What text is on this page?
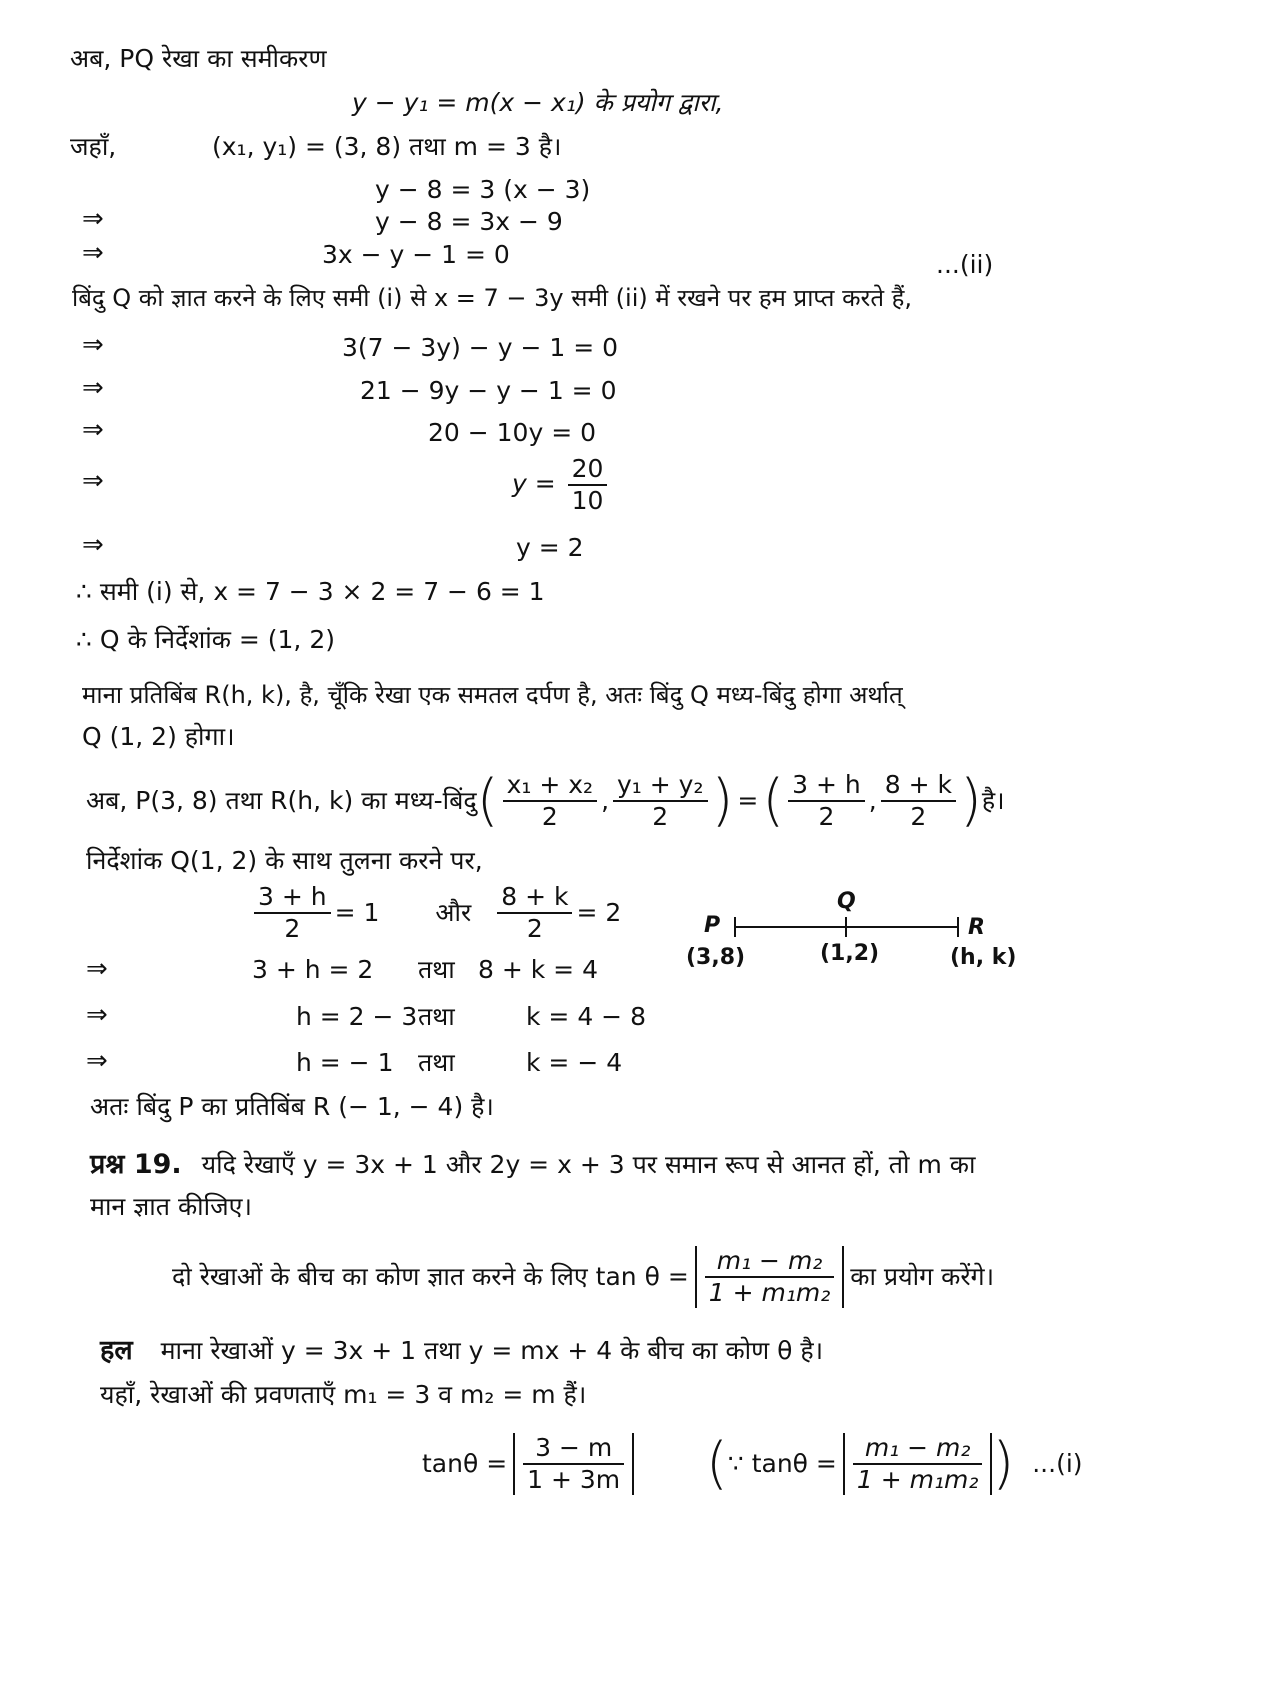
अब, PQ रेखा का समीकरण
y − y₁ = m(x − x₁) के प्रयोग द्वारा,
जहाँ,	(x₁, y₁) = (3, 8) तथा m = 3 है।
y − 8 = 3 (x − 3)
⇒	y − 8 = 3x − 9
⇒	3x − y − 1 = 0	...(ii)
बिंदु Q को ज्ञात करने के लिए समी (i) से x = 7 − 3y समी (ii) में रखने पर हम प्राप्त करते हैं,
⇒	3(7 − 3y) − y − 1 = 0
⇒	21 − 9y − y − 1 = 0
⇒	20 − 10y = 0
⇒	$y = \frac{20}{10}$
⇒	y = 2
∴ समी (i) से, x = 7 − 3 × 2 = 7 − 6 = 1
∴ Q के निर्देशांक = (1, 2)
माना प्रतिबिंब R(h, k), है, चूँकि रेखा एक समतल दर्पण है, अतः बिंदु Q मध्य-बिंदु होगा अर्थात्
Q (1, 2) होगा।
अब, P(3, 8) तथा R(h, k) का मध्य-बिंदु ( $\frac{\text{x₁ + x₂}}{2}$ , $\frac{\text{y₁ + y₂}}{2}$ ) = ( $\frac{3 + h}{2}$ , $\frac{8 + k}{2}$ ) है।
निर्देशांक Q(1, 2) के साथ तुलना करने पर,
$\frac{3 + h}{2} = 1$ और $\frac{8 + k}{2} = 2$
⇒	3 + h = 2 तथा 8 + k = 4
⇒	h = 2 − 3 तथा	k = 4 − 8
⇒	h = − 1 तथा	k = − 4
अतः बिंदु P का प्रतिबिंब R (− 1, − 4) है।
P
Q
R
(3,8)	(1,2)	(h, k)
प्रश्न 19. यदि रेखाएँ y = 3x + 1 और 2y = x + 3 पर समान रूप से आनत हों, तो m का
मान ज्ञात कीजिए।
दो रेखाओं के बीच का कोण ज्ञात करने के लिए $\tan \theta = \frac{\text{m₁ − m₂}}{\text{1 + m₁m₂}}$ का प्रयोग करेंगे।
हल माना रेखाओं y = 3x + 1 तथा y = mx + 4 के बीच का कोण θ है।
यहाँ, रेखाओं की प्रवणताएँ m₁ = 3 व m₂ = m हैं।
$\tan\theta = \frac{3 - m}{1 + 3m}$ ( ∵ $\tan\theta = \frac{\text{m₁ − m₂}}{\text{1 + m₁m₂}}$ ) ...(i)
